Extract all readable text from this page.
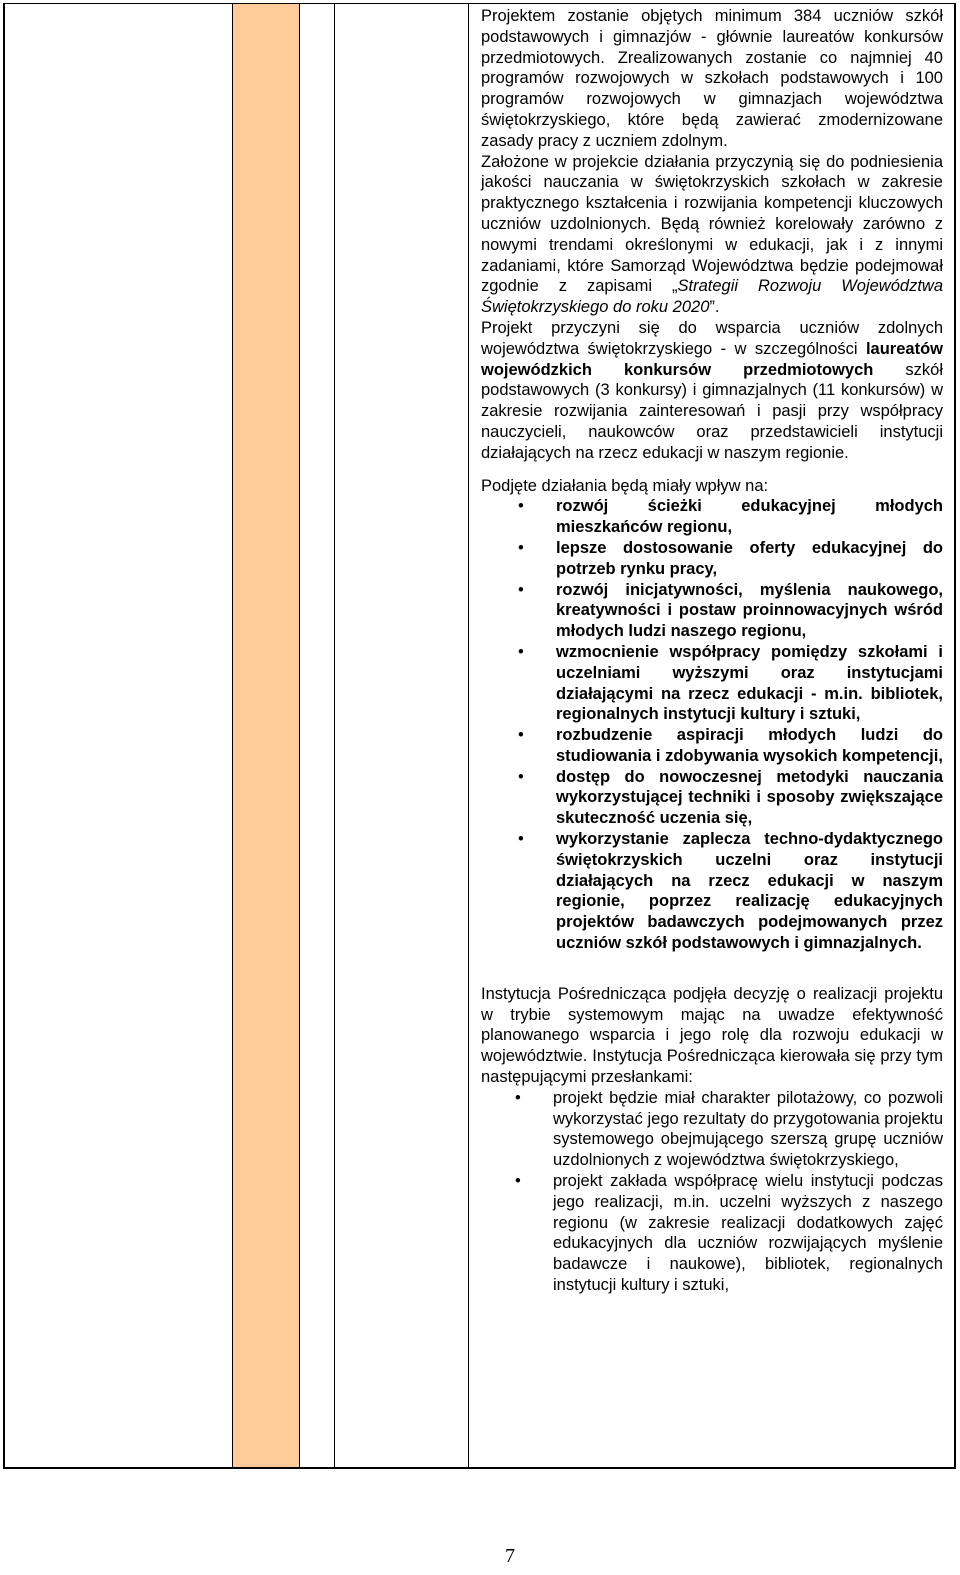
Projektem zostanie objętych minimum 384 uczniów szkół podstawowych i gimnazjów - głównie laureatów konkursów przedmiotowych. Zrealizowanych zostanie co najmniej 40 programów rozwojowych w szkołach podstawowych i 100 programów rozwojowych w gimnazjach województwa świętokrzyskiego, które będą zawierać zmodernizowane zasady pracy z uczniem zdolnym.

Założone w projekcie działania przyczynią się do podniesienia jakości nauczania w świętokrzyskich szkołach w zakresie praktycznego kształcenia i rozwijania kompetencji kluczowych uczniów uzdolnionych. Będą również korelowały zarówno z nowymi trendami określonymi w edukacji, jak i z innymi zadaniami, które Samorząd Województwa będzie podejmował zgodnie z zapisami „Strategii Rozwoju Województwa Świętokrzyskiego do roku 2020”.

Projekt przyczyni się do wsparcia uczniów zdolnych województwa świętokrzyskiego - w szczególności laureatów wojewódzkich konkursów przedmiotowych szkół podstawowych (3 konkursy) i gimnazjalnych (11 konkursów) w zakresie rozwijania zainteresowań i pasji przy współpracy nauczycieli, naukowców oraz przedstawicieli instytucji działających na rzecz edukacji w naszym regionie.

Podjęte działania będą miały wpływ na:

• rozwój ścieżki edukacyjnej młodych mieszkańców regionu,
• lepsze dostosowanie oferty edukacyjnej do potrzeb rynku pracy,
• rozwój inicjatywności, myślenia naukowego, kreatywności i postaw proinnowacyjnych wśród młodych ludzi naszego regionu,
• wzmocnienie współpracy pomiędzy szkołami i uczelniami wyższymi oraz instytucjami działającymi na rzecz edukacji - m.in. bibliotek, regionalnych instytucji kultury i sztuki,
• rozbudzenie aspiracji młodych ludzi do studiowania i zdobywania wysokich kompetencji,
• dostęp do nowoczesnej metodyki nauczania wykorzystującej techniki i sposoby zwiększające skuteczność uczenia się,
• wykorzystanie zaplecza techno-dydaktycznego świętokrzyskich uczelni oraz instytucji działających na rzecz edukacji w naszym regionie, poprzez realizację edukacyjnych projektów badawczych podejmowanych przez uczniów szkół podstawowych i gimnazjalnych.

Instytucja Pośrednicząca podjęła decyzję o realizacji projektu w trybie systemowym mając na uwadze efektywność planowanego wsparcia i jego rolę dla rozwoju edukacji w województwie. Instytucja Pośrednicząca kierowała się przy tym następującymi przesłankami:

• projekt będzie miał charakter pilotażowy, co pozwoli wykorzystać jego rezultaty do przygotowania projektu systemowego obejmującego szerszą grupę uczniów uzdolnionych z województwa świętokrzyskiego,
• projekt zakłada współpracę wielu instytucji podczas jego realizacji, m.in. uczelni wyższych z naszego regionu (w zakresie realizacji dodatkowych zajęć edukacyjnych dla uczniów rozwijających myślenie badawcze i naukowe), bibliotek, regionalnych instytucji kultury i sztuki,
7
